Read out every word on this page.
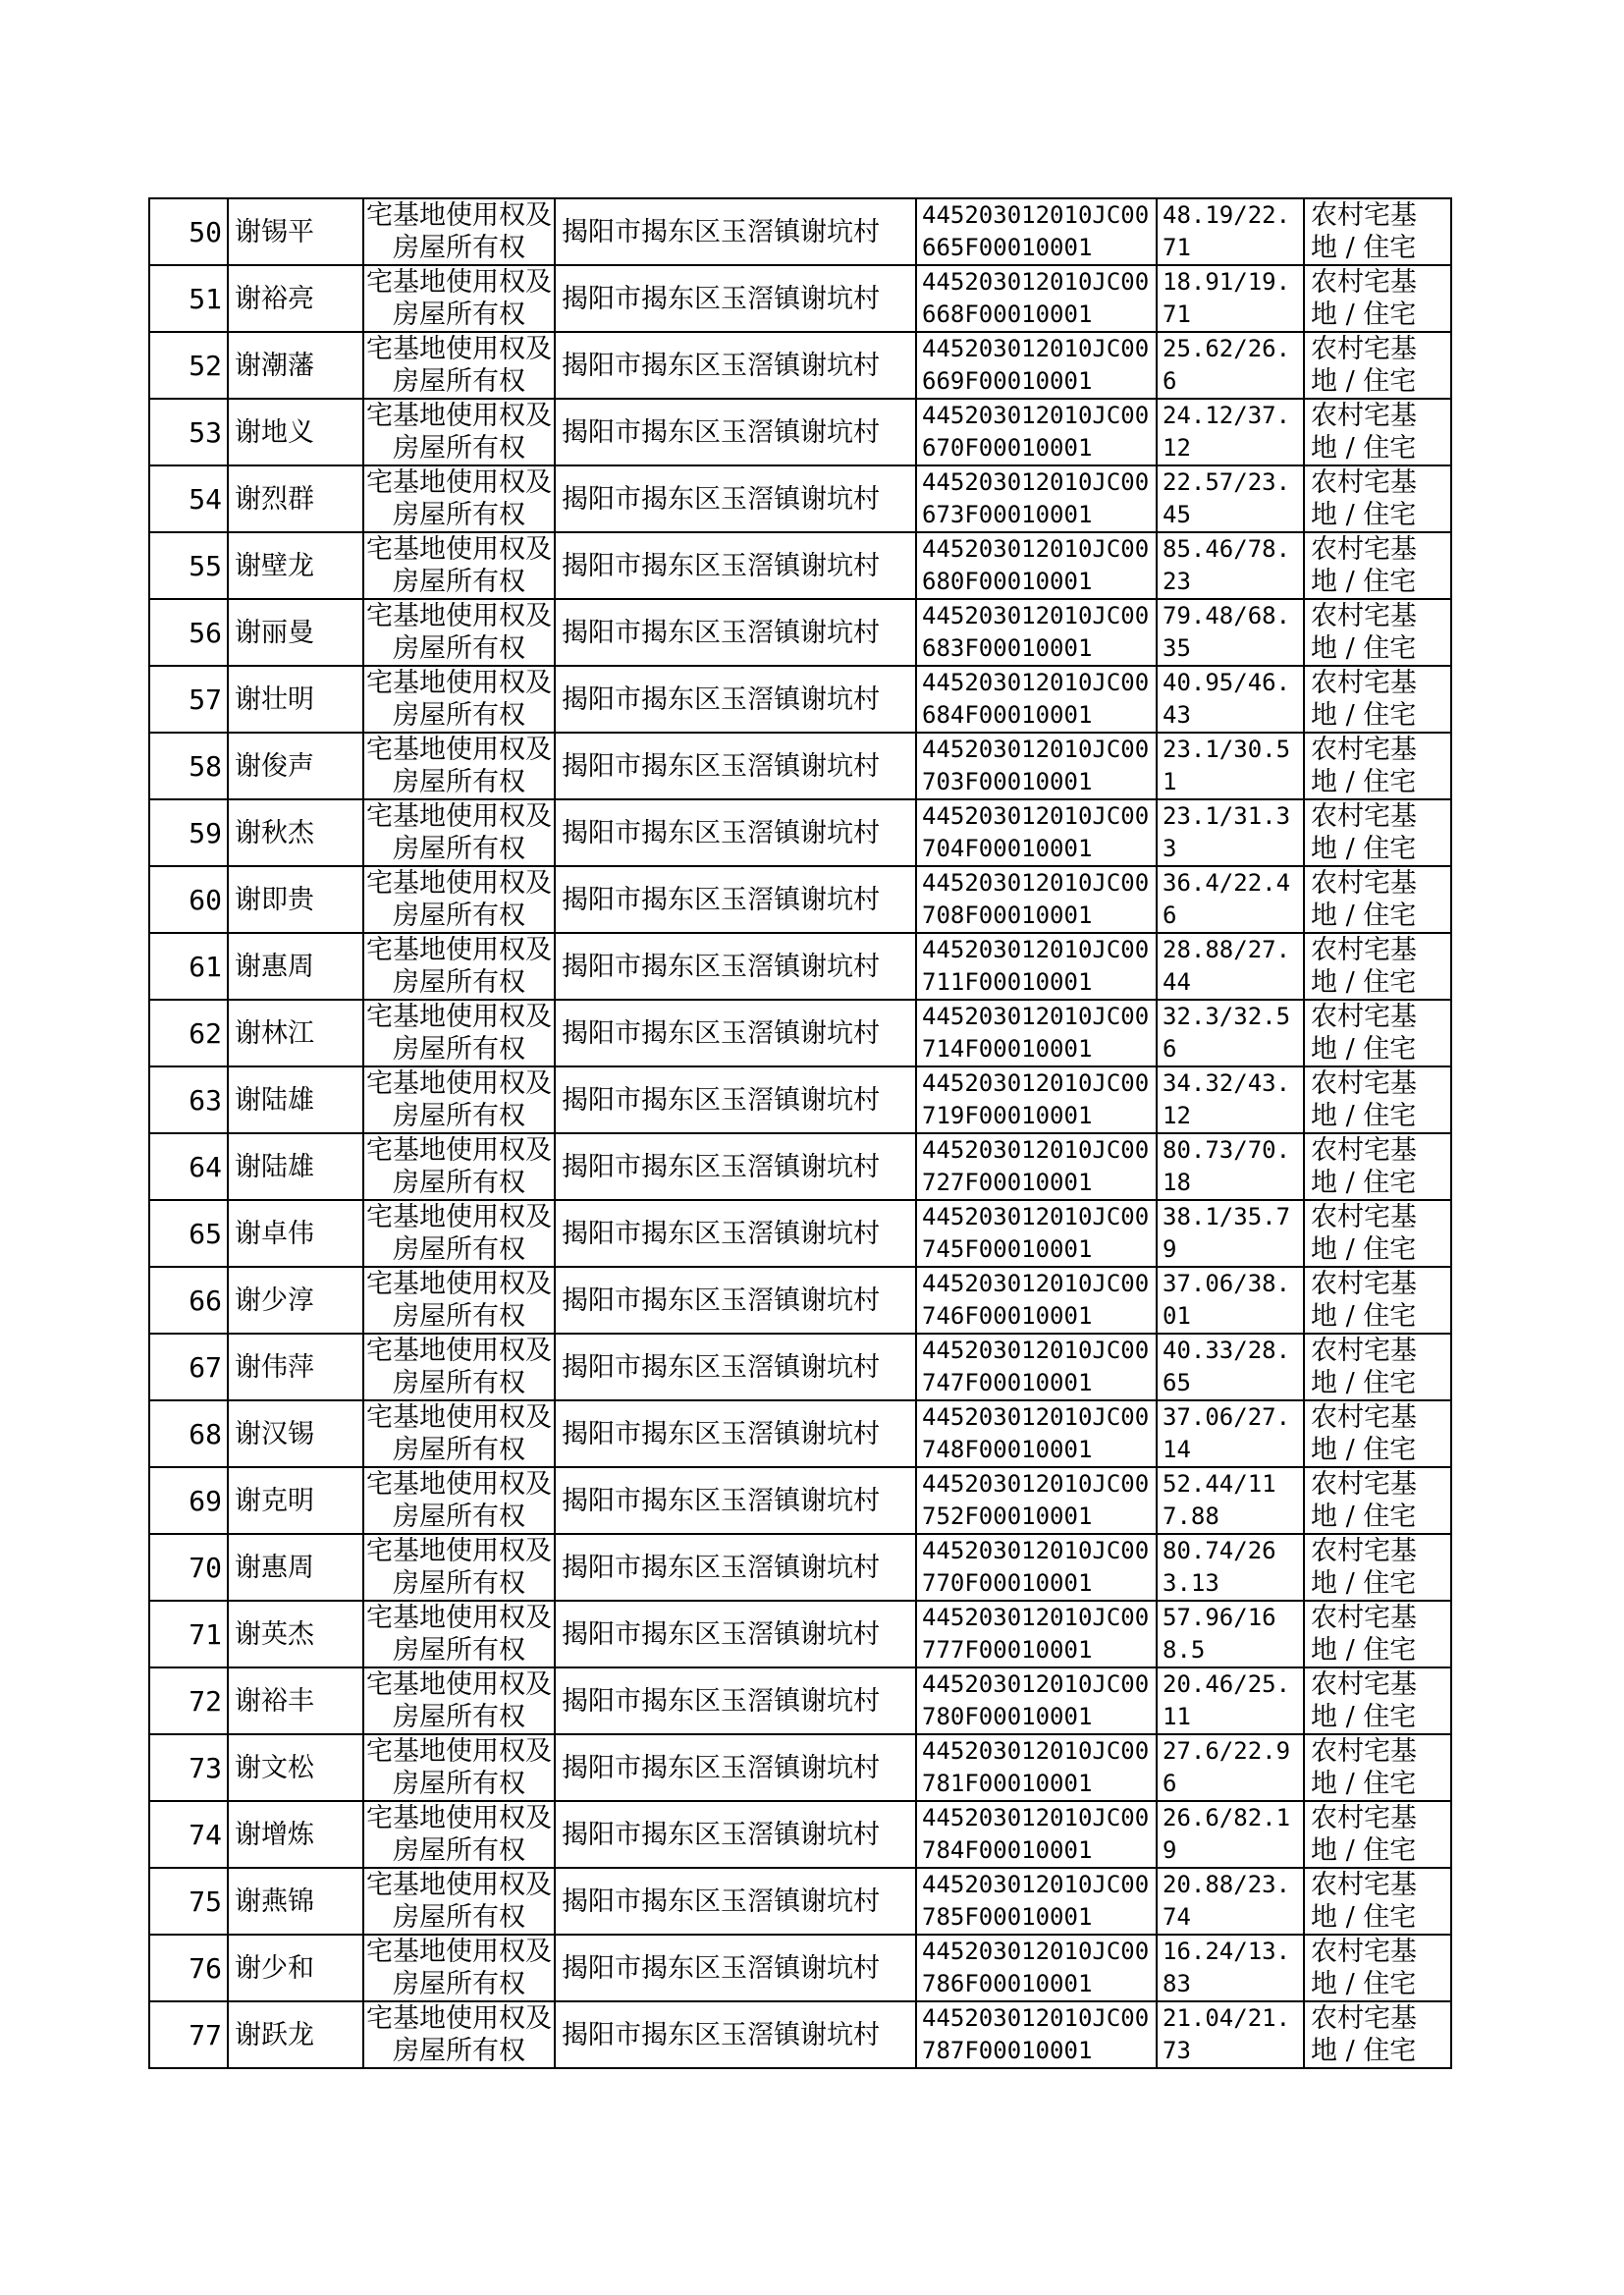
50	谢锡平	宅基地使用权及房屋所有权	揭阳市揭东区玉滘镇谢坑村	445203012010JC00665F00010001	48.19/22.71	农村宅基
地 / 住宅

51	谢裕亮	宅基地使用权及房屋所有权	揭阳市揭东区玉滘镇谢坑村	445203012010JC00668F00010001	18.91/19.71	农村宅基
地 / 住宅

52	谢潮藩	宅基地使用权及房屋所有权	揭阳市揭东区玉滘镇谢坑村	445203012010JC00669F00010001	25.62/26.6	农村宅基
地 / 住宅

53	谢地义	宅基地使用权及房屋所有权	揭阳市揭东区玉滘镇谢坑村	445203012010JC00670F00010001	24.12/37.12	农村宅基
地 / 住宅

54	谢烈群	宅基地使用权及房屋所有权	揭阳市揭东区玉滘镇谢坑村	445203012010JC00673F00010001	22.57/23.45	农村宅基
地 / 住宅

55	谢壁龙	宅基地使用权及房屋所有权	揭阳市揭东区玉滘镇谢坑村	445203012010JC00680F00010001	85.46/78.23	农村宅基
地 / 住宅

56	谢丽曼	宅基地使用权及房屋所有权	揭阳市揭东区玉滘镇谢坑村	445203012010JC00683F00010001	79.48/68.35	农村宅基
地 / 住宅

57	谢壮明	宅基地使用权及房屋所有权	揭阳市揭东区玉滘镇谢坑村	445203012010JC00684F00010001	40.95/46.43	农村宅基
地 / 住宅

58	谢俊声	宅基地使用权及房屋所有权	揭阳市揭东区玉滘镇谢坑村	445203012010JC00703F00010001	23.1/30.51	农村宅基
地 / 住宅

59	谢秋杰	宅基地使用权及房屋所有权	揭阳市揭东区玉滘镇谢坑村	445203012010JC00704F00010001	23.1/31.33	农村宅基
地 / 住宅

60	谢即贵	宅基地使用权及房屋所有权	揭阳市揭东区玉滘镇谢坑村	445203012010JC00708F00010001	36.4/22.46	农村宅基
地 / 住宅

61	谢惠周	宅基地使用权及房屋所有权	揭阳市揭东区玉滘镇谢坑村	445203012010JC00711F00010001	28.88/27.44	农村宅基
地 / 住宅

62	谢林江	宅基地使用权及房屋所有权	揭阳市揭东区玉滘镇谢坑村	445203012010JC00714F00010001	32.3/32.56	农村宅基
地 / 住宅

63	谢陆雄	宅基地使用权及房屋所有权	揭阳市揭东区玉滘镇谢坑村	445203012010JC00719F00010001	34.32/43.12	农村宅基
地 / 住宅

64	谢陆雄	宅基地使用权及房屋所有权	揭阳市揭东区玉滘镇谢坑村	445203012010JC00727F00010001	80.73/70.18	农村宅基
地 / 住宅

65	谢卓伟	宅基地使用权及房屋所有权	揭阳市揭东区玉滘镇谢坑村	445203012010JC00745F00010001	38.1/35.79	农村宅基
地 / 住宅

66	谢少淳	宅基地使用权及房屋所有权	揭阳市揭东区玉滘镇谢坑村	445203012010JC00746F00010001	37.06/38.01	农村宅基
地 / 住宅

67	谢伟萍	宅基地使用权及房屋所有权	揭阳市揭东区玉滘镇谢坑村	445203012010JC00747F00010001	40.33/28.65	农村宅基
地 / 住宅

68	谢汉锡	宅基地使用权及房屋所有权	揭阳市揭东区玉滘镇谢坑村	445203012010JC00748F00010001	37.06/27.14	农村宅基
地 / 住宅

69	谢克明	宅基地使用权及房屋所有权	揭阳市揭东区玉滘镇谢坑村	445203012010JC00752F00010001	52.44/117.88	农村宅基
地 / 住宅

70	谢惠周	宅基地使用权及房屋所有权	揭阳市揭东区玉滘镇谢坑村	445203012010JC00770F00010001	80.74/263.13	农村宅基
地 / 住宅

71	谢英杰	宅基地使用权及房屋所有权	揭阳市揭东区玉滘镇谢坑村	445203012010JC00777F00010001	57.96/168.5	农村宅基
地 / 住宅

72	谢裕丰	宅基地使用权及房屋所有权	揭阳市揭东区玉滘镇谢坑村	445203012010JC00780F00010001	20.46/25.11	农村宅基
地 / 住宅

73	谢文松	宅基地使用权及房屋所有权	揭阳市揭东区玉滘镇谢坑村	445203012010JC00781F00010001	27.6/22.96	农村宅基
地 / 住宅

74	谢增炼	宅基地使用权及房屋所有权	揭阳市揭东区玉滘镇谢坑村	445203012010JC00784F00010001	26.6/82.19	农村宅基
地 / 住宅

75	谢燕锦	宅基地使用权及房屋所有权	揭阳市揭东区玉滘镇谢坑村	445203012010JC00785F00010001	20.88/23.74	农村宅基
地 / 住宅

76	谢少和	宅基地使用权及房屋所有权	揭阳市揭东区玉滘镇谢坑村	445203012010JC00786F00010001	16.24/13.83	农村宅基
地 / 住宅

77	谢跃龙	宅基地使用权及房屋所有权	揭阳市揭东区玉滘镇谢坑村	445203012010JC00787F00010001	21.04/21.73	农村宅基
地 / 住宅
